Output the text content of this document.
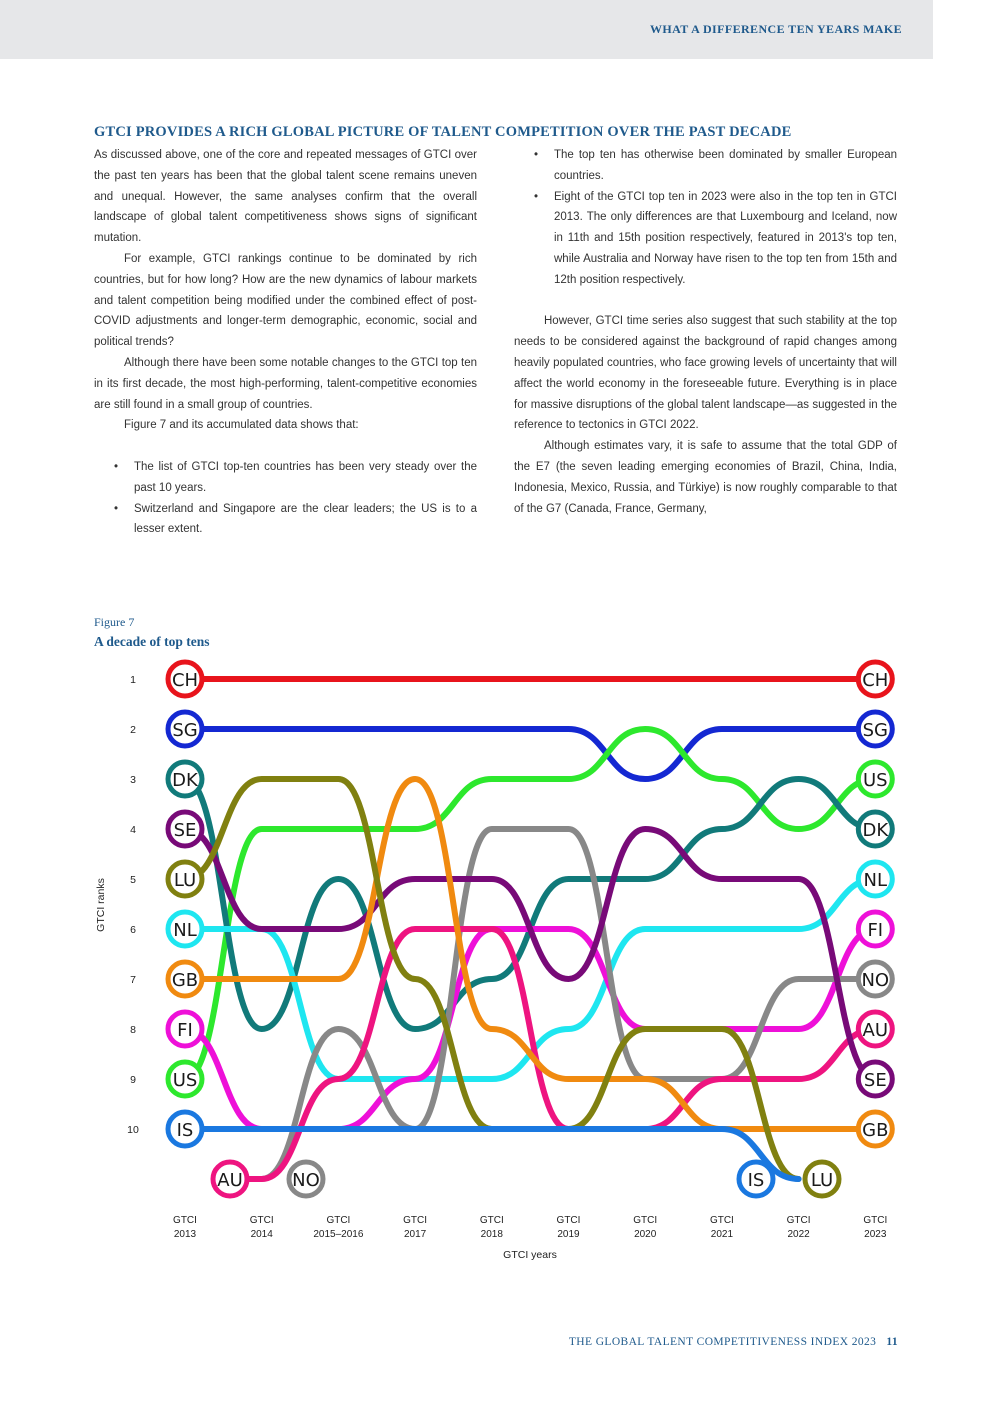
WHAT A DIFFERENCE TEN YEARS MAKE
GTCI PROVIDES A RICH GLOBAL PICTURE OF TALENT COMPETITION OVER THE PAST DECADE

As discussed above, one of the core and repeated messages of GTCI over the past ten years has been that the global talent scene remains uneven and unequal. However, the same analyses confirm that the overall landscape of global talent competitiveness shows signs of significant mutation.

For example, GTCI rankings continue to be dominated by rich countries, but for how long? How are the new dynamics of labour markets and talent competition being modified under the combined effect of post-COVID adjustments and longer-term demographic, economic, social and political trends?

Although there have been some notable changes to the GTCI top ten in its first decade, the most high-performing, talent-competitive economies are still found in a small group of countries.

Figure 7 and its accumulated data shows that:

• The list of GTCI top-ten countries has been very steady over the past 10 years.
• Switzerland and Singapore are the clear leaders; the US is to a lesser extent.
• The top ten has otherwise been dominated by smaller European countries.
• Eight of the GTCI top ten in 2023 were also in the top ten in GTCI 2013. The only differences are that Luxembourg and Iceland, now in 11th and 15th position respectively, featured in 2013's top ten, while Australia and Norway have risen to the top ten from 15th and 12th position respectively.

However, GTCI time series also suggest that such stability at the top needs to be considered against the background of rapid changes among heavily populated countries, who face growing levels of uncertainty that will affect the world economy in the foreseeable future. Everything is in place for massive disruptions of the global talent landscape—as suggested in the reference to tectonics in GTCI 2022.

Although estimates vary, it is safe to assume that the total GDP of the E7 (the seven leading emerging economies of Brazil, China, India, Indonesia, Mexico, Russia, and Türkiye) is now roughly comparable to that of the G7 (Canada, France, Germany,

Figure 7
A decade of top tens
1
2
3
4
5
6
7
8
9
10
GTCI ranks
GTCI
2013
GTCI
2014
GTCI
2015–2016
GTCI
2017
GTCI
2018
GTCI
2019
GTCI
2020
GTCI
2021
GTCI
2022
GTCI
2023
GTCI years
CH
SG
DK
SE
LU
NL
GB
FI
US
IS
CH
SG
US
DK
NL
FI
NO
AU
SE
GB
AU	NO	IS	LU
THE GLOBAL TALENT COMPETITIVENESS INDEX 2023 11
